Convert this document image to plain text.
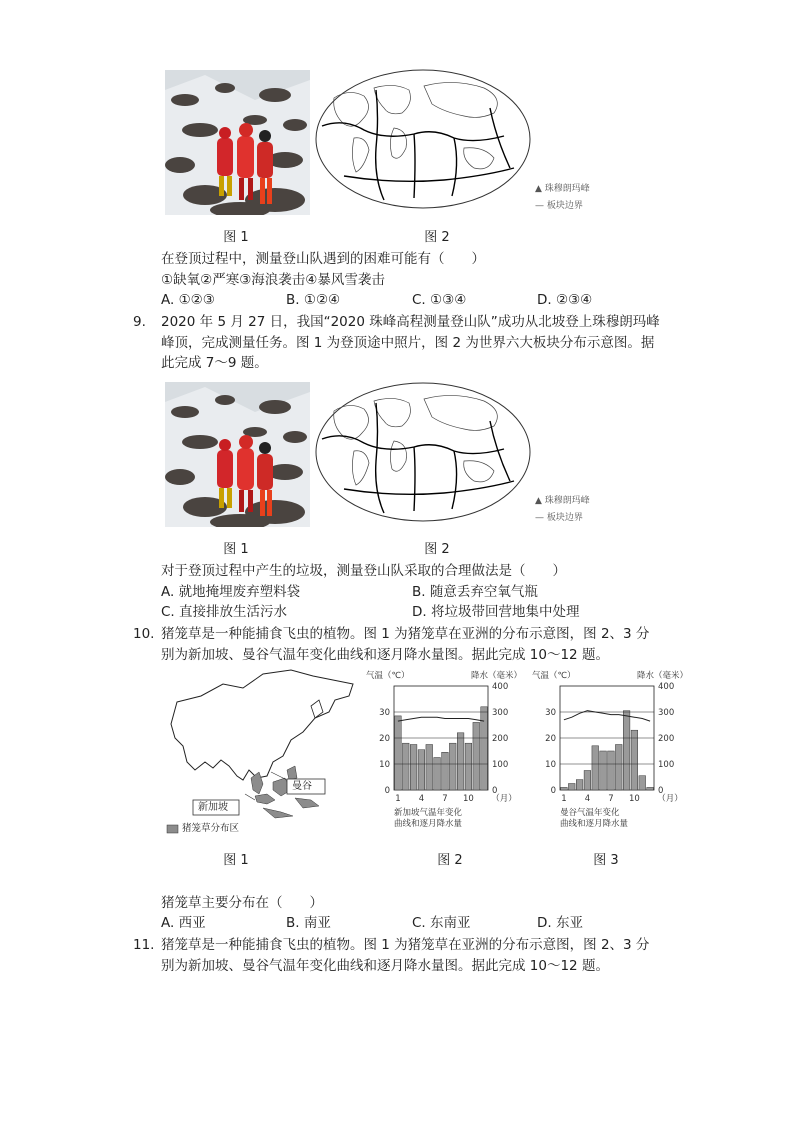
▲ 珠穆朗玛峰
— 板块边界
图 1	图 2
在登顶过程中，测量登山队遇到的困难可能有（　　）
①缺氧②严寒③海浪袭击④暴风雪袭击
A. ①②③	B. ①②④	C. ①③④	D. ②③④
9. 2020 年 5 月 27 日，我国“2020 珠峰高程测量登山队”成功从北坡登上珠穆朗玛峰
峰顶，完成测量任务。图 1 为登顶途中照片，图 2 为世界六大板块分布示意图。据
此完成 7～9 题。
▲ 珠穆朗玛峰
— 板块边界
图 1	图 2
对于登顶过程中产生的垃圾，测量登山队采取的合理做法是（　　）
A. 就地掩埋废弃塑料袋	B. 随意丢弃空氧气瓶
C. 直接排放生活污水	D. 将垃圾带回营地集中处理
10. 猪笼草是一种能捕食飞虫的植物。图 1 为猪笼草在亚洲的分布示意图，图 2、3 分
别为新加坡、曼谷气温年变化曲线和逐月降水量图。据此完成 10～12 题。
曼谷
新加坡
猪笼草分布区
气温（℃）	降水（毫米）
30
20
10
0
400
300
200
100
0
1 4 7 10 （月）
新加坡气温年变化
曲线和逐月降水量
气温（℃）	降水（毫米）
30
20
10
0
400
300
200
100
0
1 4 7 10 （月）
曼谷气温年变化
曲线和逐月降水量
图 1	图 2	图 3
猪笼草主要分布在（　　）
A. 西亚	B. 南亚	C. 东南亚	D. 东亚
11. 猪笼草是一种能捕食飞虫的植物。图 1 为猪笼草在亚洲的分布示意图，图 2、3 分
别为新加坡、曼谷气温年变化曲线和逐月降水量图。据此完成 10～12 题。
